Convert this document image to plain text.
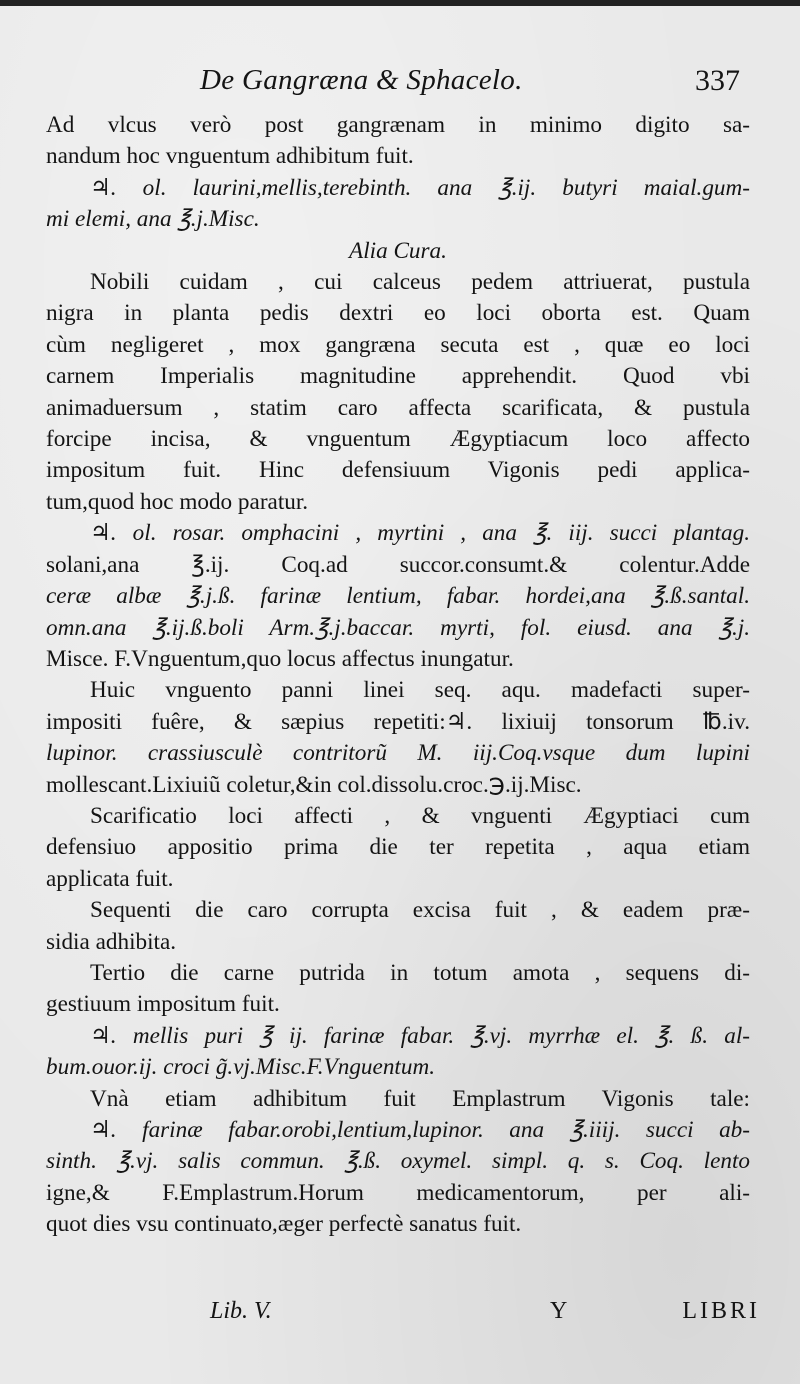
De Gangræna & Sphacelo.	337
Ad vlcus verò post gangrænam in minimo digito sa-
nandum hoc vnguentum adhibitum fuit.
♃. ol. laurini,mellis,terebinth. ana ℥.ij. butyri maial.gum-
mi elemi, ana ℥.j.Misc.
Alia Cura.
Nobili cuidam , cui calceus pedem attriuerat, pustula
nigra in planta pedis dextri eo loci oborta est. Quam
cùm negligeret , mox gangræna secuta est , quæ eo loci
carnem Imperialis magnitudine apprehendit. Quod vbi
animaduersum , statim caro affecta scarificata, & pustula
forcipe incisa, & vnguentum Ægyptiacum loco affecto
impositum fuit. Hinc defensiuum Vigonis pedi applica-
tum,quod hoc modo paratur.
♃. ol. rosar. omphacini , myrtini , ana ℥. iij. succi plantag.
solani,ana ℥.ij. Coq.ad succor.consumt.& colentur.Adde
ceræ albæ ℥.j.ß. farinæ lentium, fabar. hordei,ana ℥.ß.santal.
omn.ana ℥.ij.ß.boli Arm.℥.j.baccar. myrti, fol. eiusd. ana ℥.j.
Misce. F.Vnguentum,quo locus affectus inungatur.
Huic vnguento panni linei seq. aqu. madefacti super-
impositi fuêre, & sæpius repetiti:♃. lixiuij tonsorum ℔.iv.
lupinor. crassiusculè contritorũ M. iij.Coq.vsque dum lupini
mollescant.Lixiuiũ coletur,&in col.dissolu.croc.℈.ij.Misc.
Scarificatio loci affecti , & vnguenti Ægyptiaci cum
defensiuo appositio prima die ter repetita , aqua etiam
applicata fuit.
Sequenti die caro corrupta excisa fuit , & eadem præ-
sidia adhibita.
Tertio die carne putrida in totum amota , sequens di-
gestiuum impositum fuit.
♃. mellis puri ℥ ij. farinæ fabar. ℥.vj. myrrhæ el. ℥. ß. al-
bum.ouor.ij. croci g̃.vj.Misc.F.Vnguentum.
Vnà etiam adhibitum fuit Emplastrum Vigonis tale:
♃. farinæ fabar.orobi,lentium,lupinor. ana ℥.iiij. succi ab-
sinth. ℥.vj. salis commun. ℥.ß. oxymel. simpl. q. s. Coq. lento
igne,& F.Emplastrum.Horum medicamentorum, per ali-
quot dies vsu continuato,æger perfectè sanatus fuit.
Lib. V.	Y	LIBRI
